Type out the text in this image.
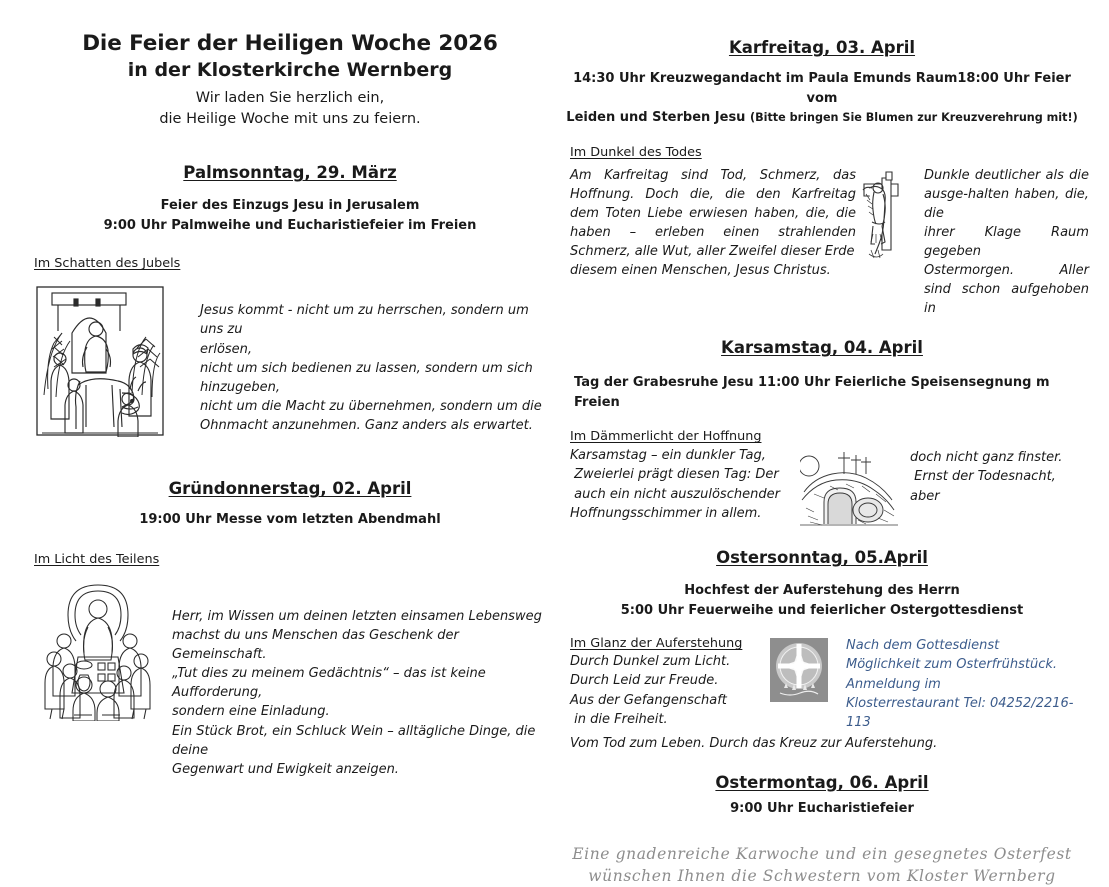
Die Feier der Heiligen Woche 2026
in der Klosterkirche Wernberg
Wir laden Sie herzlich ein,
die Heilige Woche mit uns zu feiern.
Palmsonntag, 29. März
Feier des Einzugs Jesu in Jerusalem
9:00 Uhr Palmweihe und Eucharistiefeier im Freien
Im Schatten des Jubels
Jesus kommt - nicht um zu herrschen, sondern um uns zu
erlösen,
nicht um sich bedienen zu lassen, sondern um sich
hinzugeben,
nicht um die Macht zu übernehmen, sondern um die
Ohnmacht anzunehmen. Ganz anders als erwartet.
Gründonnerstag, 02. April
19:00 Uhr Messe vom letzten Abendmahl
Im Licht des Teilens
Herr, im Wissen um deinen letzten einsamen Lebensweg
machst du uns Menschen das Geschenk der Gemeinschaft.
„Tut dies zu meinem Gedächtnis“ – das ist keine Aufforderung,
sondern eine Einladung.
Ein Stück Brot, ein Schluck Wein – alltägliche Dinge, die deine
Gegenwart und Ewigkeit anzeigen.
Karfreitag, 03. April
14:30 Uhr Kreuzwegandacht im Paula Emunds Raum18:00 Uhr Feier vom
Leiden und Sterben Jesu (Bitte bringen Sie Blumen zur Kreuzverehrung mit!)
Im Dunkel des Todes
Am Karfreitag sind Tod, Schmerz, das
Hoffnung. Doch die, die den Karfreitag
dem Toten Liebe erwiesen haben, die, die
haben – erleben einen strahlenden
Schmerz, alle Wut, aller Zweifel dieser Erde
diesem einen Menschen, Jesus Christus.
Dunkle deutlicher als die
ausge-halten haben, die, die
ihrer Klage Raum gegeben
Ostermorgen.           Aller
sind schon aufgehoben in
Karsamstag, 04. April
Tag der Grabesruhe Jesu 11:00 Uhr Feierliche Speisensegnung m Freien
Im Dämmerlicht der Hoffnung
Karsamstag – ein dunkler Tag,
Zweierlei prägt diesen Tag: Der
auch ein nicht auszulöschender
Hoffnungsschimmer in allem.
doch nicht ganz finster.
Ernst der Todesnacht, aber
Ostersonntag, 05.April
Hochfest der Auferstehung des Herrn
5:00 Uhr Feuerweihe und feierlicher Ostergottesdienst
Im Glanz der Auferstehung
Durch Dunkel zum Licht.
Durch Leid zur Freude.
Aus der Gefangenschaft
in die Freiheit.
Nach dem Gottesdienst
Möglichkeit zum Osterfrühstück.
Anmeldung im
Klosterrestaurant Tel: 04252/2216-113
Vom Tod zum Leben. Durch das Kreuz zur Auferstehung.
Ostermontag, 06. April
9:00 Uhr Eucharistiefeier
Eine gnadenreiche Karwoche und ein gesegnetes Osterfest
wünschen Ihnen die Schwestern vom Kloster Wernberg
